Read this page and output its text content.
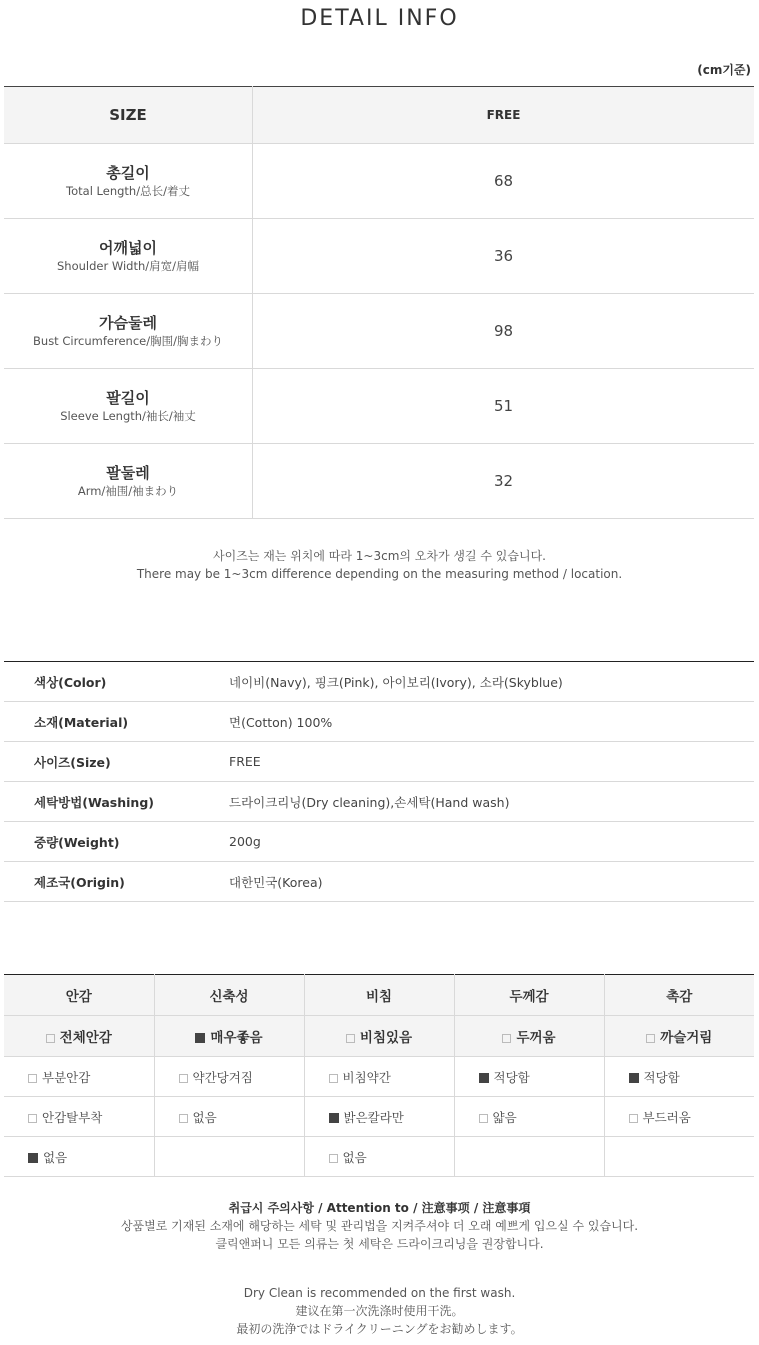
DETAIL INFO
(cm기준)
SIZE	FREE

총길이
Total Length/总长/着丈	68

어깨넓이
Shoulder Width/肩宽/肩幅	36

가슴둘레
Bust Circumference/胸围/胸まわり	98

팔길이
Sleeve Length/袖长/袖丈	51

팔둘레
Arm/袖围/袖まわり	32
사이즈는 재는 위치에 따라 1~3cm의 오차가 생길 수 있습니다.
There may be 1~3cm difference depending on the measuring method / location.
색상(Color)	네이비(Navy), 핑크(Pink), 아이보리(Ivory), 소라(Skyblue)
소재(Material)	면(Cotton) 100%
사이즈(Size)	FREE
세탁방법(Washing)	드라이크리닝(Dry cleaning),손세탁(Hand wash)
중량(Weight)	200g
제조국(Origin)	대한민국(Korea)
안감	신축성	비침	두께감	촉감
전체안감	매우좋음	비침있음	두꺼움	까슬거림
부분안감	약간당겨짐	비침약간	적당함	적당함
안감탈부착	없음	밝은칼라만	얇음	부드러움
없음		없음		
취급시 주의사항 / Attention to / 注意事项 / 注意事項
상품별로 기재된 소재에 해당하는 세탁 및 관리법을 지켜주셔야 더 오래 예쁘게 입으실 수 있습니다.
클릭앤퍼니 모든 의류는 첫 세탁은 드라이크리닝을 권장합니다.
Dry Clean is recommended on the first wash.
建议在第一次洗涤时使用干洗。
最初の洗浄ではドライクリーニングをお勧めします。
